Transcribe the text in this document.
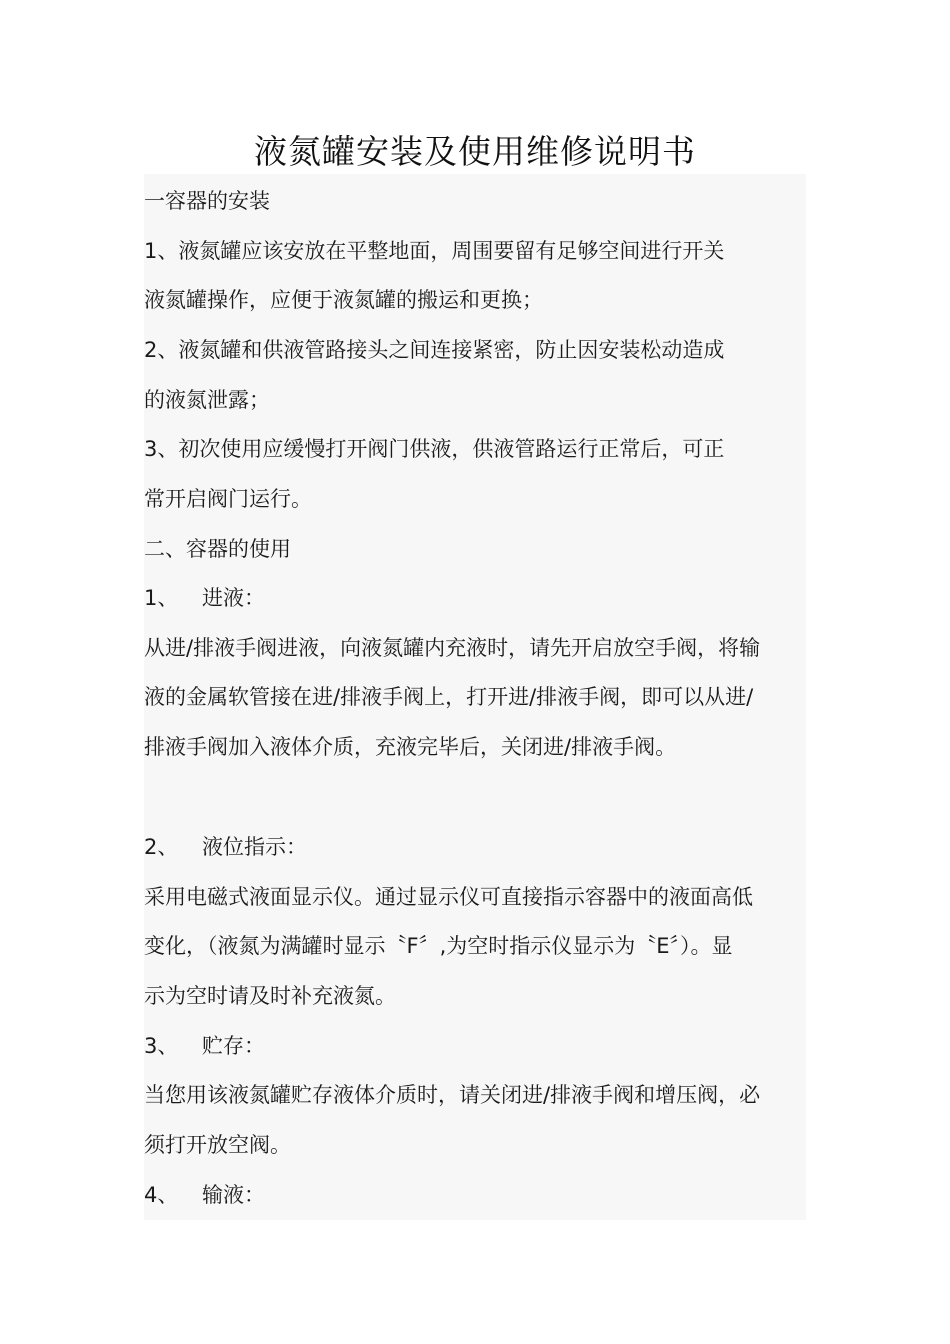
液氮罐安装及使用维修说明书
一容器的安装
1、液氮罐应该安放在平整地面，周围要留有足够空间进行开关
液氮罐操作，应便于液氮罐的搬运和更换；
2、液氮罐和供液管路接头之间连接紧密，防止因安装松动造成
的液氮泄露；
3、初次使用应缓慢打开阀门供液，供液管路运行正常后，可正
常开启阀门运行。
二、容器的使用
1、 进液：
从进/排液手阀进液，向液氮罐内充液时，请先开启放空手阀，将输
液的金属软管接在进/排液手阀上，打开进/排液手阀，即可以从进/
排液手阀加入液体介质，充液完毕后，关闭进/排液手阀。
2、 液位指示：
采用电磁式液面显示仪。通过显示仪可直接指示容器中的液面高低
变化，（液氮为满罐时显示〝F〞,为空时指示仪显示为〝E〞）。显
示为空时请及时补充液氮。
3、 贮存：
当您用该液氮罐贮存液体介质时，请关闭进/排液手阀和增压阀，必
须打开放空阀。
4、 输液：
